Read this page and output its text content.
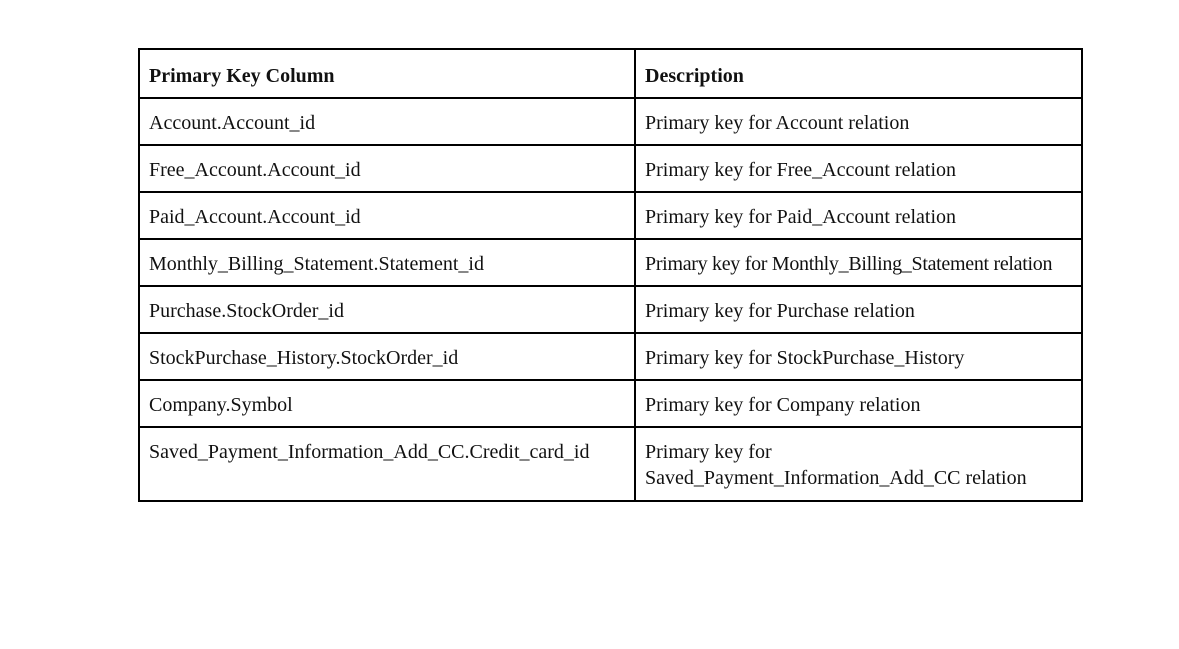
Primary Key Column	Description
Account.Account_id	Primary key for Account relation
Free_Account.Account_id	Primary key for Free_Account relation
Paid_Account.Account_id	Primary key for Paid_Account relation
Monthly_Billing_Statement.Statement_id	Primary key for Monthly_Billing_Statement relation
Purchase.StockOrder_id	Primary key for Purchase relation
StockPurchase_History.StockOrder_id	Primary key for StockPurchase_History
Company.Symbol	Primary key for Company relation
Saved_Payment_Information_Add_CC.Credit_card_id	Primary key for Saved_Payment_Information_Add_CC relation
